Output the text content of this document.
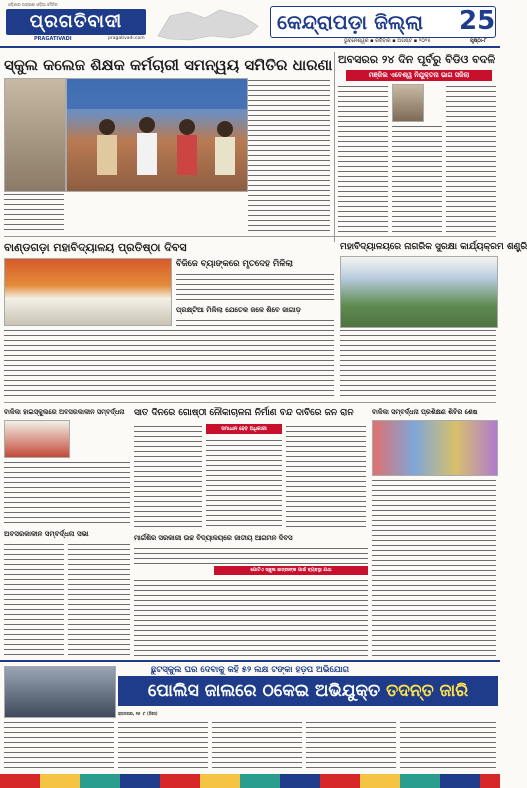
ଓଡ଼ିଶାର ଅଗ୍ରଣୀ ଓଡ଼ିଆ ଦୈନିକ
ପ୍ରଗତିବାଦୀ
PRAGATIVADI	pragativadi.com
କେନ୍ଦ୍ରାପଡ଼ା ଜିଲ୍ଲା 25
ଭୁବନେଶ୍ୱର ▪ ରବିବାର ▪ ଅଗଷ୍ଟ ▪ ୨୦୨୫	ପୃଷ୍ଠା-୮
ସ୍କୁଲ କଲେଜ ଶିକ୍ଷକ କର୍ମଚାରୀ ସମନ୍ୱୟ ସମିତିର ଧାରଣା ଅବସରର ୨୪ ଦିନ ପୂର୍ବରୁ ବିଡିଓ ବଦଳି
ମଞ୍ଜିଲ ଏବେଶ୍ୱ ନିଯୁକ୍ତନା ଭାଗ ସଜିଲା
ବାଣ୍ଡଗଡ଼ା ମହାବିଦ୍ୟାଳୟ ପ୍ରତିଷ୍ଠା ଦିବସ
ବିଜିଜେ ବ୍ୟାଙ୍କରେ ମୃତଦେହ ମିଳିଲା
ପ୍ରକ୍ଷ୍ଟିଆ ମିଳିଲା ଯେତେକ ଜଳେ ଶିବେ ଜାଗାଡ଼
ମହାବିଦ୍ୟାଳୟରେ ନାଗରିକ ସୁରକ୍ଷା କାର୍ଯ୍ୟକ୍ରମ ଶଣ୍ଟ୍ରି
ବାଳିକା ହାଇସ୍କୁଲରେ ଅବସରକାଳୀନ ସମ୍ବର୍ଦ୍ଧନା	ସାତ ଦିନରେ ଗୋଷ୍ଠୀ ନୌକାଚାଳନା ନିର୍ମାଣ ବନ୍ଦ ଦାବିରେ ଜନ ରାନ
ସମାଧାନ ହେବ ଅଧିକାରୀ
ବାଳିକା ସମ୍ବର୍ଦ୍ଧନା ପ୍ରଶିକ୍ଷଣ ଶିବିର ଶେଷ
ଅବସରକାଳୀନ ସମ୍ବର୍ଦ୍ଧନା ସଭା	ମାର୍ଗଶିର ସରକାରୀ ଉଚ୍ଚ ବିଦ୍ୟାଳୟରେ ଜାତୀୟ ଆଗମନ ଦିବସ
ଗୋଟିଏ ସ୍କୁଲ ଛାତ୍ରୀଙ୍କ ପାଇଁ ବ୍ୟବସ୍ଥା ଯଥା
ଛୁଟସ୍କୁଲ ଘର ଦେବାକୁ କହି ୫୨ ଲକ୍ଷ ଟଙ୍କା ହଡ଼ପ ଅଭିଯୋଗ
ପୋଲିସ ଜାଲରେ ଠକେଇ ଅଭିଯୁକ୍ତ ତଦନ୍ତ ଜାରି
ରାଜନଗର, ୧୬ ।୮ (ନିଃସ)
